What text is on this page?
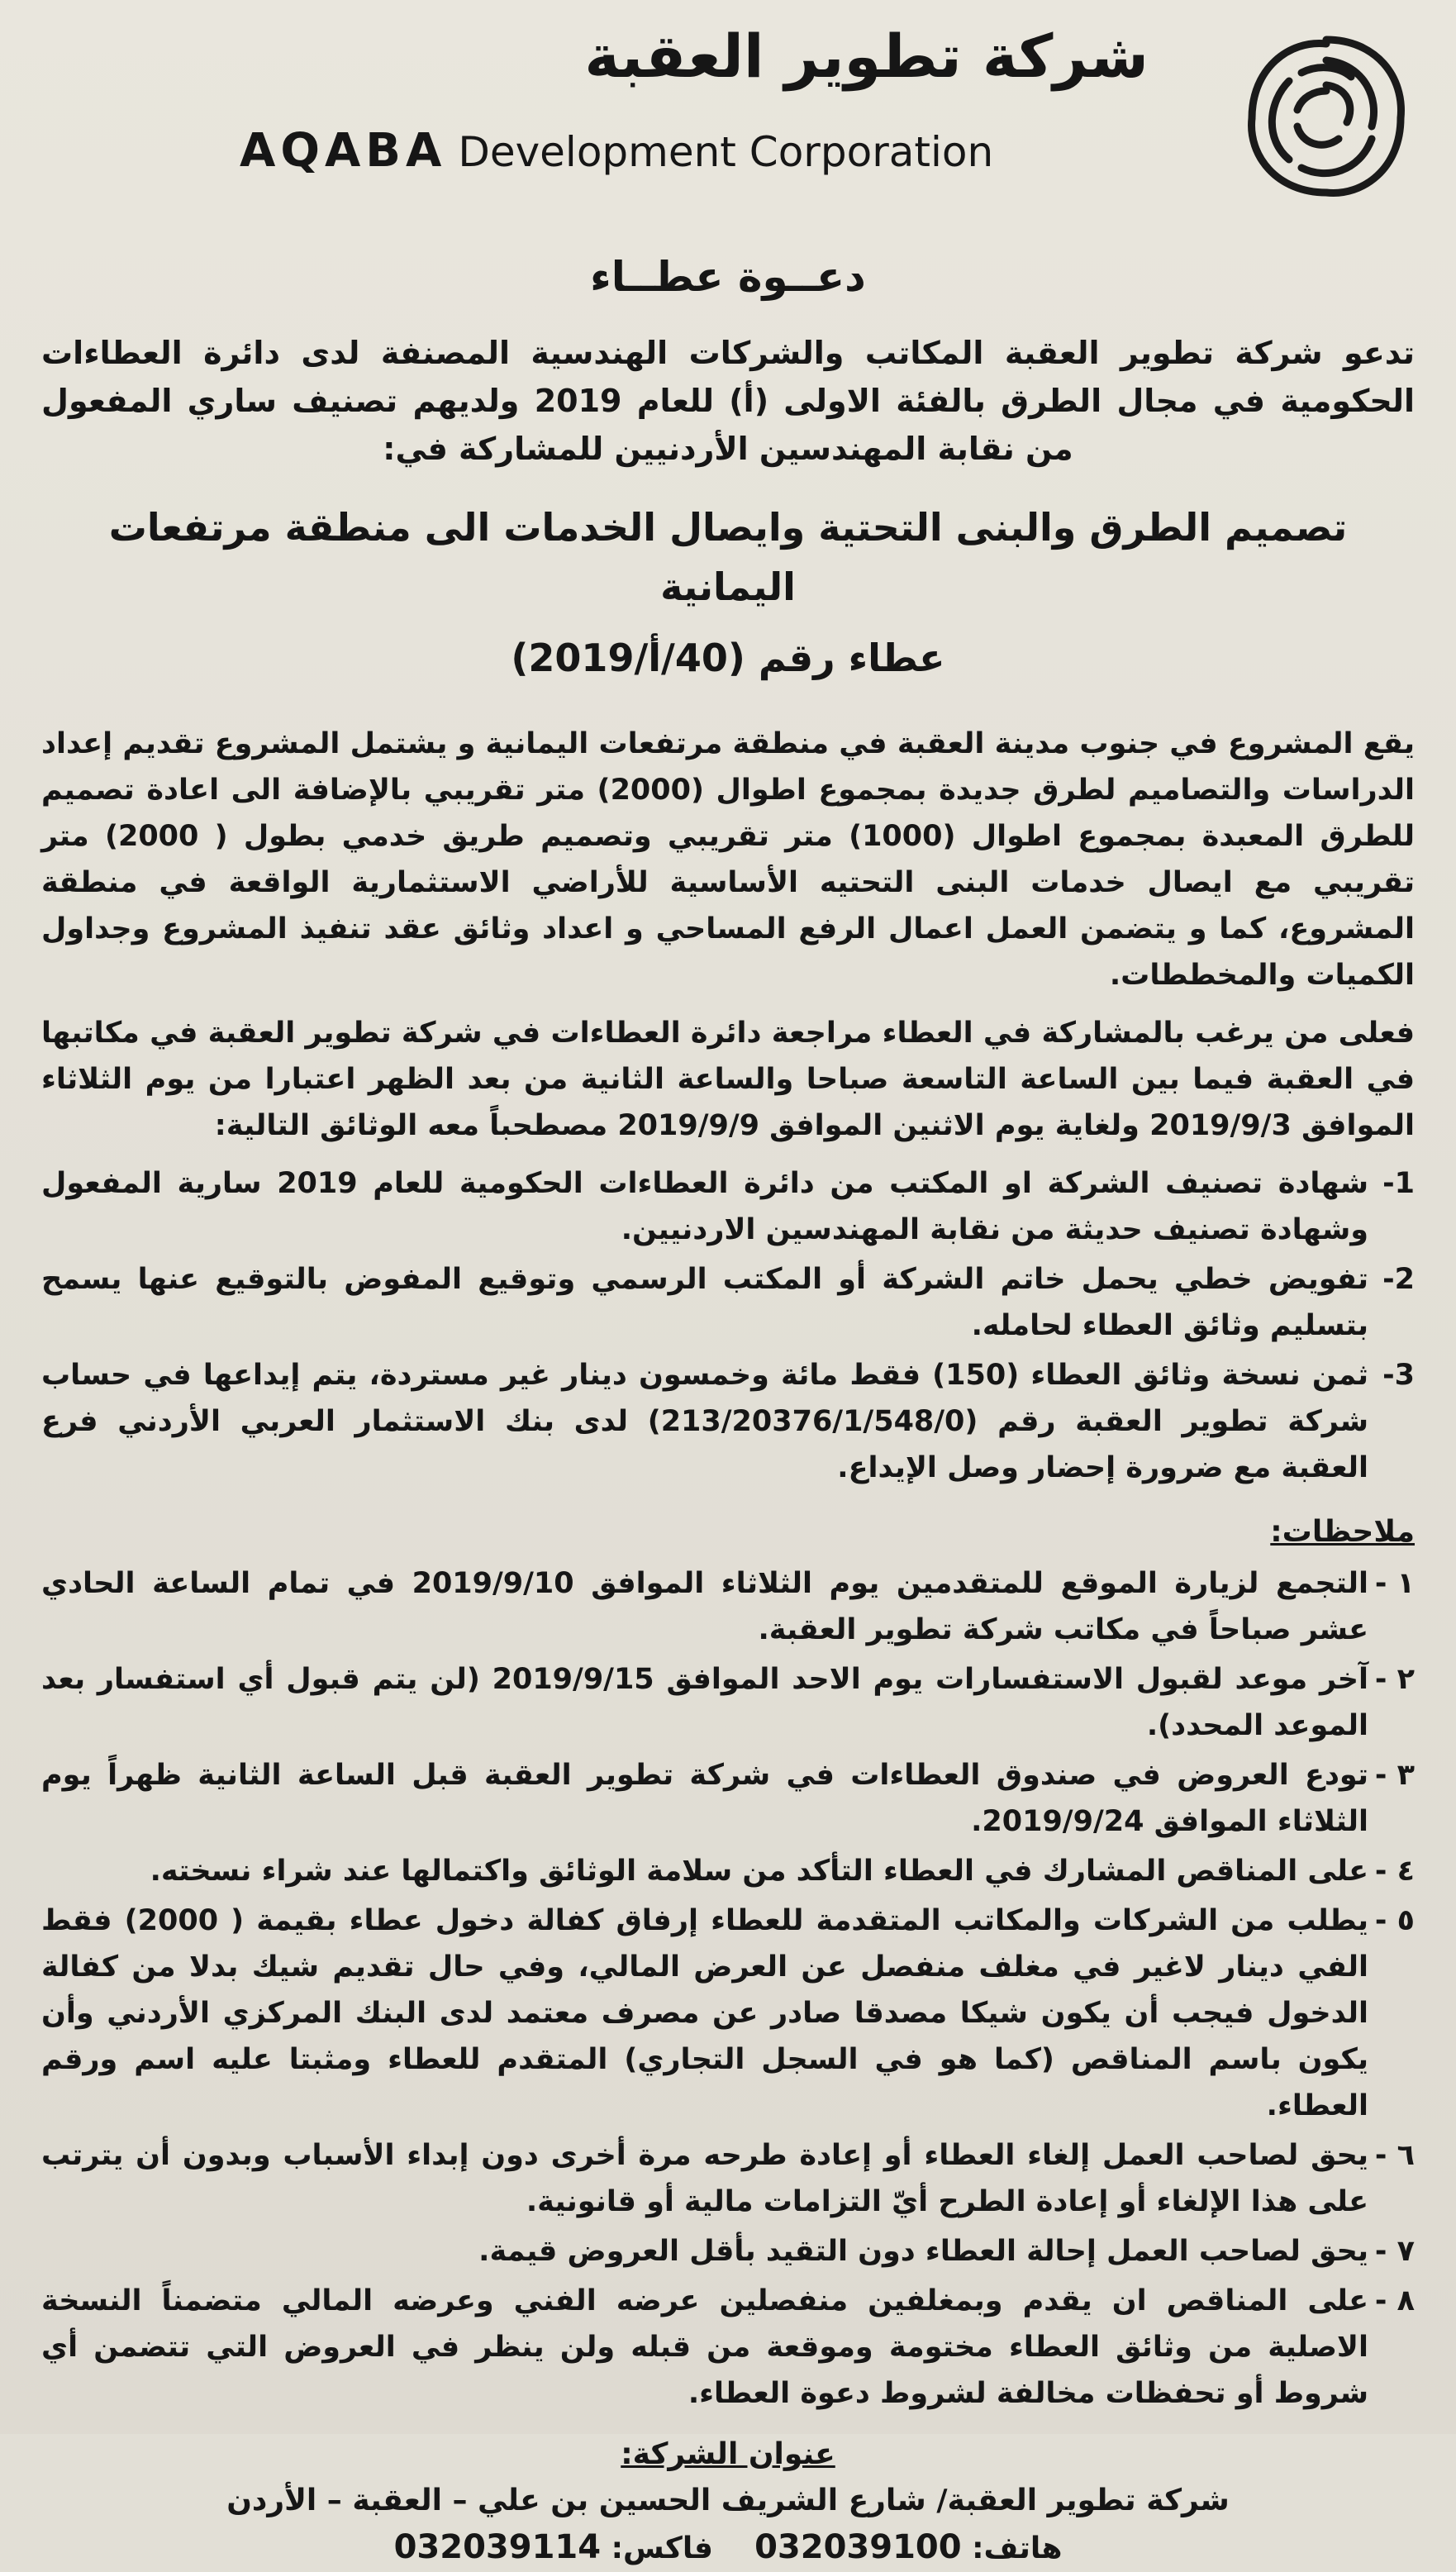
شركة تطوير العقبة
AQABA Development Corporation
دعــوة عطــاء
تدعو شركة تطوير العقبة المكاتب والشركات الهندسية المصنفة لدى دائرة العطاءات الحكومية في مجال الطرق بالفئة الاولى (أ) للعام 2019 ولديهم تصنيف ساري المفعول من نقابة المهندسين الأردنيين للمشاركة في:
تصميم الطرق والبنى التحتية وايصال الخدمات الى منطقة مرتفعات اليمانية
عطاء رقم (40/أ/2019)
يقع المشروع في جنوب مدينة العقبة في منطقة مرتفعات اليمانية و يشتمل المشروع تقديم إعداد الدراسات والتصاميم لطرق جديدة بمجموع اطوال (2000) متر تقريبي بالإضافة الى اعادة تصميم للطرق المعبدة بمجموع اطوال (1000) متر تقريبي وتصميم طريق خدمي بطول ( 2000) متر تقريبي مع ايصال خدمات البنى التحتيه الأساسية للأراضي الاستثمارية الواقعة في منطقة المشروع، كما و يتضمن العمل اعمال الرفع المساحي و اعداد وثائق عقد تنفيذ المشروع وجداول الكميات والمخططات.
فعلى من يرغب بالمشاركة في العطاء مراجعة دائرة العطاءات في شركة تطوير العقبة في مكاتبها في العقبة فيما بين الساعة التاسعة صباحا والساعة الثانية من بعد الظهر اعتبارا من يوم الثلاثاء الموافق 2019/9/3 ولغاية يوم الاثنين الموافق 2019/9/9 مصطحباً معه الوثائق التالية:
1-
شهادة تصنيف الشركة او المكتب من دائرة العطاءات الحكومية للعام 2019 سارية المفعول وشهادة تصنيف حديثة من نقابة المهندسين الاردنيين.
2-
تفويض خطي يحمل خاتم الشركة أو المكتب الرسمي وتوقيع المفوض بالتوقيع عنها يسمح بتسليم وثائق العطاء لحامله.
3-
ثمن نسخة وثائق العطاء (150) فقط مائة وخمسون دينار غير مستردة، يتم إيداعها في حساب شركة تطوير العقبة رقم (213/20376/1/548/0) لدى بنك الاستثمار العربي الأردني فرع العقبة مع ضرورة إحضار وصل الإيداع.
ملاحظات:
١ -
التجمع لزيارة الموقع للمتقدمين يوم الثلاثاء الموافق 2019/9/10 في تمام الساعة الحادي عشر صباحاً في مكاتب شركة تطوير العقبة.
٢ -
آخر موعد لقبول الاستفسارات يوم الاحد الموافق 2019/9/15 (لن يتم قبول أي استفسار بعد الموعد المحدد).
٣ -
تودع العروض في صندوق العطاءات في شركة تطوير العقبة قبل الساعة الثانية ظهراً يوم الثلاثاء الموافق 2019/9/24.
٤ -
على المناقص المشارك في العطاء التأكد من سلامة الوثائق واكتمالها عند شراء نسخته.
٥ -
يطلب من الشركات والمكاتب المتقدمة للعطاء إرفاق كفالة دخول عطاء بقيمة ( 2000) فقط الفي دينار لاغير في مغلف منفصل عن العرض المالي، وفي حال تقديم شيك بدلا من كفالة الدخول فيجب أن يكون شيكا مصدقا صادر عن مصرف معتمد لدى البنك المركزي الأردني وأن يكون باسم المناقص (كما هو في السجل التجاري) المتقدم للعطاء ومثبتا عليه اسم ورقم العطاء.
٦ -
يحق لصاحب العمل إلغاء العطاء أو إعادة طرحه مرة أخرى دون إبداء الأسباب وبدون أن يترتب على هذا الإلغاء أو إعادة الطرح أيّ التزامات مالية أو قانونية.
٧ -
يحق لصاحب العمل إحالة العطاء دون التقيد بأقل العروض قيمة.
٨ -
على المناقص ان يقدم وبمغلفين منفصلين عرضه الفني وعرضه المالي متضمناً النسخة الاصلية من وثائق العطاء مختومة وموقعة من قبله ولن ينظر في العروض التي تتضمن أي شروط أو تحفظات مخالفة لشروط دعوة العطاء.
عنوان الشركة:
شركة تطوير العقبة/ شارع الشريف الحسين بن علي – العقبة – الأردن
هاتف: 032039100    فاكس: 032039114
